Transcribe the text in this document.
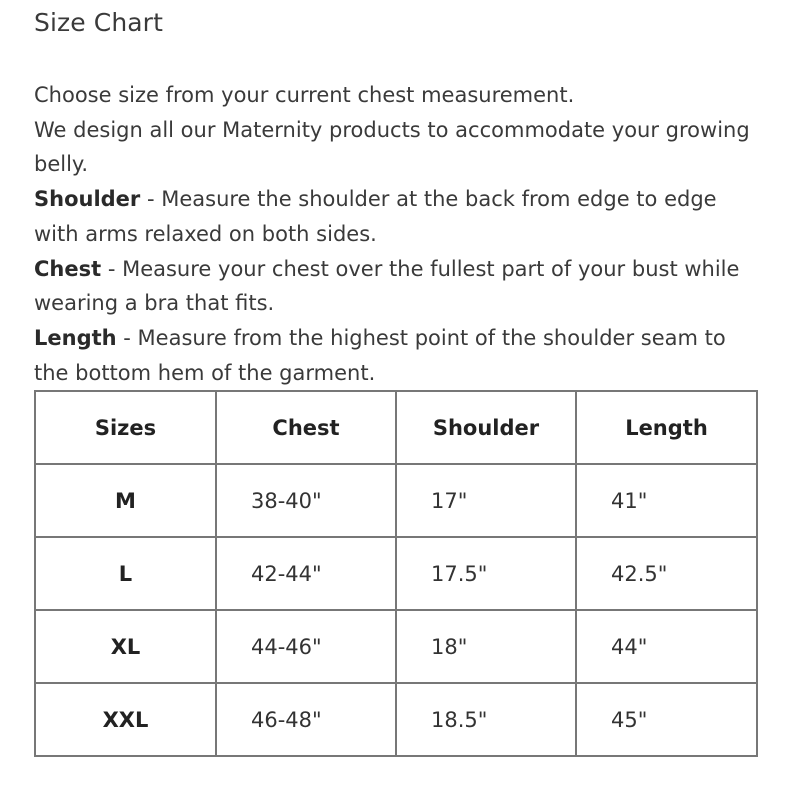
Size Chart

Choose size from your current chest measurement.

We design all our Maternity products to accommodate your growing belly.

Shoulder - Measure the shoulder at the back from edge to edge with arms relaxed on both sides.

Chest - Measure your chest over the fullest part of your bust while wearing a bra that fits.

Length - Measure from the highest point of the shoulder seam to the bottom hem of the garment.

Sizes	Chest	Shoulder	Length
M	38-40"	17"	41"
L	42-44"	17.5"	42.5"
XL	44-46"	18"	44"
XXL	46-48"	18.5"	45"
